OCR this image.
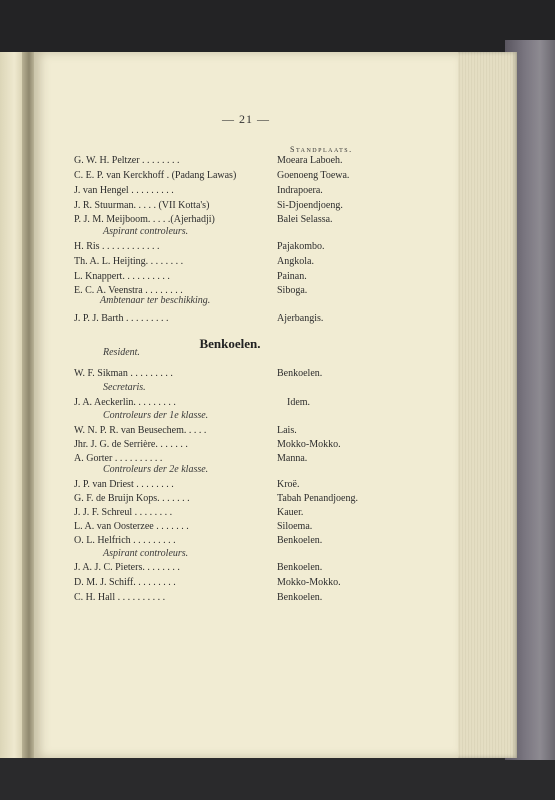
— 21 —
Standplaats.
G. W. H. Peltzer . . . . . . . .	Moeara Laboeh.
C. E. P. van Kerckhoff . (Padang Lawas)	Goenoeng Toewa.
J. van Hengel . . . . . . . . .	Indrapoera.
J. R. Stuurman. . . . . (VII Kotta's)	Si-Djoendjoeng.
P. J. M. Meijboom. . . . .(Ajerhadji)	Balei Selassa.
Aspirant controleurs.
H. Ris . . . . . . . . . . . .	Pajakombo.
Th. A. L. Heijting. . . . . . . .	Angkola.
L. Knappert. . . . . . . . . .	Painan.
E. C. A. Veenstra . . . . . . . .	Siboga.
Ambtenaar ter beschikking.
J. P. J. Barth . . . . . . . . .	Ajerbangis.
Benkoelen.
Resident.
W. F. Sikman . . . . . . . . .	Benkoelen.
Secretaris.
J. A. Aeckerlin. . . . . . . . .	Idem.
Controleurs der 1e klasse.
W. N. P. R. van Beusechem. . . . .	Lais.
Jhr. J. G. de Serrière. . . . . . .	Mokko-Mokko.
A. Gorter . . . . . . . . . .	Manna.
Controleurs der 2e klasse.
J. P. van Driest . . . . . . . .	Kroë.
G. F. de Bruijn Kops. . . . . . .	Tabah Penandjoeng.
J. J. F. Schreul . . . . . . . .	Kauer.
L. A. van Oosterzee . . . . . . .	Siloema.
O. L. Helfrich . . . . . . . . .	Benkoelen.
Aspirant controleurs.
J. A. J. C. Pieters. . . . . . . .	Benkoelen.
D. M. J. Schiff. . . . . . . . .	Mokko-Mokko.
C. H. Hall . . . . . . . . . .	Benkoelen.
